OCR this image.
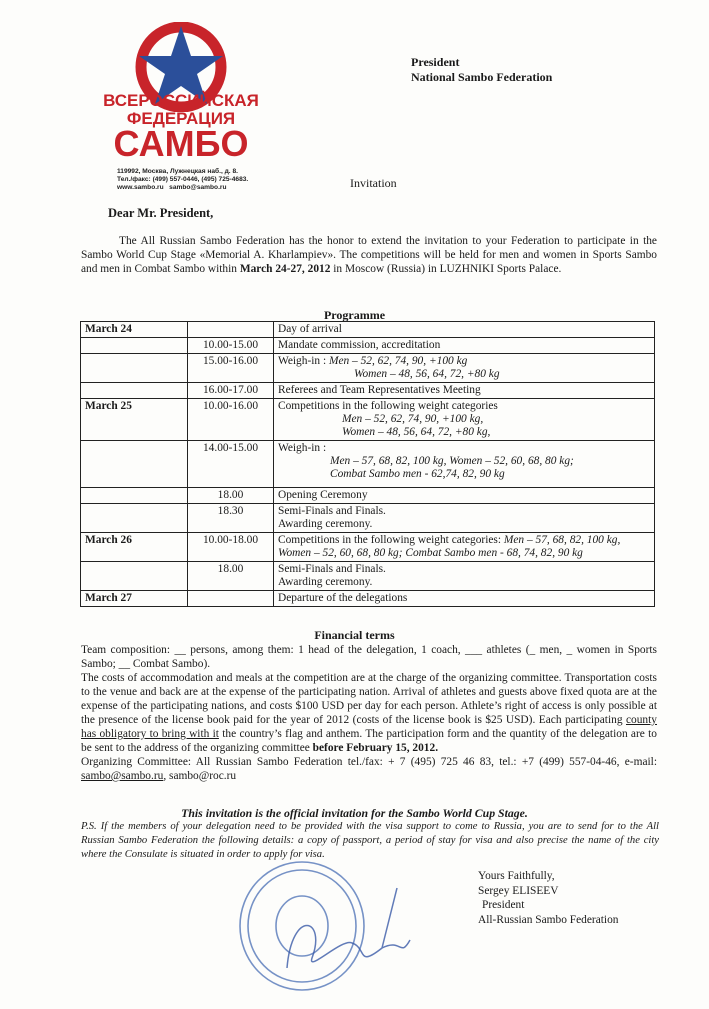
ВСЕРОССИЙСКАЯ
ФЕДЕРАЦИЯ
САМБО
119992, Москва, Лужнецкая наб., д. 8.
Тел./факс: (499) 557-0446, (495) 725-4683.
www.sambo.ru   sambo@sambo.ru
President
National Sambo Federation
Invitation
Dear Mr. President,

The All Russian Sambo Federation has the honor to extend the invitation to your Federation to participate in the Sambo World Cup Stage «Memorial A. Kharlampiev». The competitions will be held for men and women in Sports Sambo and men in Combat Sambo within March 24-27, 2012 in Moscow (Russia) in LUZHNIKI Sports Palace.

Programme
March 24		Day of arrival
	10.00-15.00	Mandate commission, accreditation
	15.00-16.00	Weigh-in : Men – 52, 62, 74, 90, +100 kg
Women – 48, 56, 64, 72, +80 kg

	16.00-17.00	Referees and Team Representatives Meeting
March 25	10.00-16.00	Competitions in the following weight categories
Men – 52, 62, 74, 90, +100 kg,
Women – 48, 56, 64, 72, +80 kg,

	14.00-15.00	Weigh-in :
Men – 57, 68, 82, 100 kg, Women – 52, 60, 68, 80 kg;
Combat Sambo men - 62,74, 82, 90 kg

	18.00	Opening Ceremony
	18.30	Semi-Finals and Finals.
Awarding ceremony.
March 26	10.00-18.00	Competitions in the following weight categories: Men – 57, 68, 82, 100 kg, Women – 52, 60, 68, 80 kg; Combat Sambo men - 68, 74, 82, 90 kg
	18.00	Semi-Finals and Finals.
Awarding ceremony.
March 27		Departure of the delegations
Financial terms

Team composition: __ persons, among them: 1 head of the delegation, 1 coach, ___ athletes (_ men, _ women in Sports Sambo; __ Combat Sambo).

The costs of accommodation and meals at the competition are at the charge of the organizing committee. Transportation costs to the venue and back are at the expense of the participating nation. Arrival of athletes and guests above fixed quota are at the expense of the participating nations, and costs $100 USD per day for each person. Athlete’s right of access is only possible at the presence of the license book paid for the year of 2012 (costs of the license book is $25 USD). Each participating county has obligatory to bring with it the country’s flag and anthem. The participation form and the quantity of the delegation are to be sent to the address of the organizing committee before February 15, 2012.

Organizing Committee: All Russian Sambo Federation tel./fax: + 7 (495) 725 46 83, tel.: +7 (499) 557-04-46, e-mail: sambo@sambo.ru, sambo@roc.ru

This invitation is the official invitation for the Sambo World Cup Stage.
P.S. If the members of your delegation need to be provided with the visa support to come to Russia, you are to send for to the All Russian Sambo Federation the following details: a copy of passport, a period of stay for visa and also precise the name of the city where the Consulate is situated in order to apply for visa.
Yours Faithfully,
Sergey ELISEEV
President
All-Russian Sambo Federation
